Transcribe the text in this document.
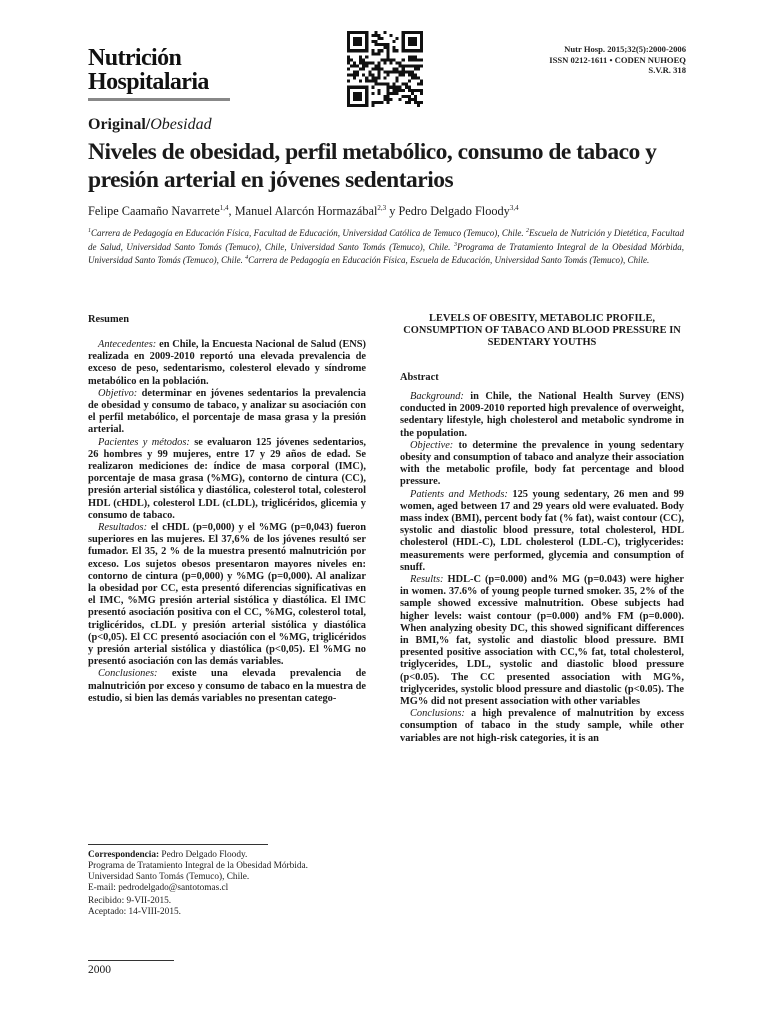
Nutrición
Hospitalaria
Nutr Hosp. 2015;32(5):2000-2006
ISSN 0212-1611 • CODEN NUHOEQ
S.V.R. 318
Original/Obesidad
Niveles de obesidad, perfil metabólico, consumo de tabaco y presión arterial en jóvenes sedentarios
Felipe Caamaño Navarrete$^{1,4}$, Manuel Alarcón Hormazábal$^{2,3}$ y Pedro Delgado Floody$^{3,4}$
$^1$Carrera de Pedagogía en Educación Física, Facultad de Educación, Universidad Católica de Temuco (Temuco), Chile. $^2$Escuela de Nutrición y Dietética, Facultad de Salud, Universidad Santo Tomás (Temuco), Chile, Universidad Santo Tomás (Temuco), Chile. $^3$Programa de Tratamiento Integral de la Obesidad Mórbida, Universidad Santo Tomás (Temuco), Chile. $^4$Carrera de Pedagogía en Educación Física, Escuela de Educación, Universidad Santo Tomás (Temuco), Chile.
Resumen

Antecedentes: en Chile, la Encuesta Nacional de Salud (ENS) realizada en 2009-2010 reportó una elevada prevalencia de exceso de peso, sedentarismo, colesterol elevado y síndrome metabólico en la población.

Objetivo: determinar en jóvenes sedentarios la prevalencia de obesidad y consumo de tabaco, y analizar su asociación con el perfil metabólico, el porcentaje de masa grasa y la presión arterial.

Pacientes y métodos: se evaluaron 125 jóvenes sedentarios, 26 hombres y 99 mujeres, entre 17 y 29 años de edad. Se realizaron mediciones de: índice de masa corporal (IMC), porcentaje de masa grasa (%MG), contorno de cintura (CC), presión arterial sistólica y diastólica, colesterol total, colesterol HDL (cHDL), colesterol LDL (cLDL), triglicéridos, glicemia y consumo de tabaco.

Resultados: el cHDL (p=0,000) y el %MG (p=0,043) fueron superiores en las mujeres. El 37,6% de los jóvenes resultó ser fumador. El 35, 2 % de la muestra presentó malnutrición por exceso. Los sujetos obesos presentaron mayores niveles en: contorno de cintura (p=0,000) y %MG (p=0,000). Al analizar la obesidad por CC, esta presentó diferencias significativas en el IMC, %MG presión arterial sistólica y diastólica. El IMC presentó asociación positiva con el CC, %MG, colesterol total, triglicéridos, cLDL y presión arterial sistólica y diastólica (p<0,05). El CC presentó asociación con el %MG, triglicéridos y presión arterial sistólica y diastólica (p<0,05). El %MG no presentó asociación con las demás variables.

Conclusiones: existe una elevada prevalencia de malnutrición por exceso y consumo de tabaco en la muestra de estudio, si bien las demás variables no presentan catego-

LEVELS OF OBESITY, METABOLIC PROFILE, CONSUMPTION OF TABACO AND BLOOD PRESSURE IN SEDENTARY YOUTHS
Abstract

Background: in Chile, the National Health Survey (ENS) conducted in 2009-2010 reported high prevalence of overweight, sedentary lifestyle, high cholesterol and metabolic syndrome in the population.

Objective: to determine the prevalence in young sedentary obesity and consumption of tabaco and analyze their association with the metabolic profile, body fat percentage and blood pressure.

Patients and Methods: 125 young sedentary, 26 men and 99 women, aged between 17 and 29 years old were evaluated. Body mass index (BMI), percent body fat (% fat), waist contour (CC), systolic and diastolic blood pressure, total cholesterol, HDL cholesterol (HDL-C), LDL cholesterol (LDL-C), triglycerides: measurements were performed, glycemia and consumption of snuff.

Results: HDL-C (p=0.000) and% MG (p=0.043) were higher in women. 37.6% of young people turned smoker. 35, 2% of the sample showed excessive malnutrition. Obese subjects had higher levels: waist contour (p=0.000) and% FM (p=0.000). When analyzing obesity DC, this showed significant differences in BMI,% fat, systolic and diastolic blood pressure. BMI presented positive association with CC,% fat, total cholesterol, triglycerides, LDL, systolic and diastolic blood pressure (p<0.05). The CC presented association with MG%, triglycerides, systolic blood pressure and diastolic (p<0.05). The MG% did not present association with other variables

Conclusions: a high prevalence of malnutrition by excess consumption of tabaco in the study sample, while other variables are not high-risk categories, it is an

Correspondencia: Pedro Delgado Floody.
Programa de Tratamiento Integral de la Obesidad Mórbida.
Universidad Santo Tomás (Temuco), Chile.
E-mail: pedrodelgado@santotomas.cl
Recibido: 9-VII-2015.
Aceptado: 14-VIII-2015.
2000
